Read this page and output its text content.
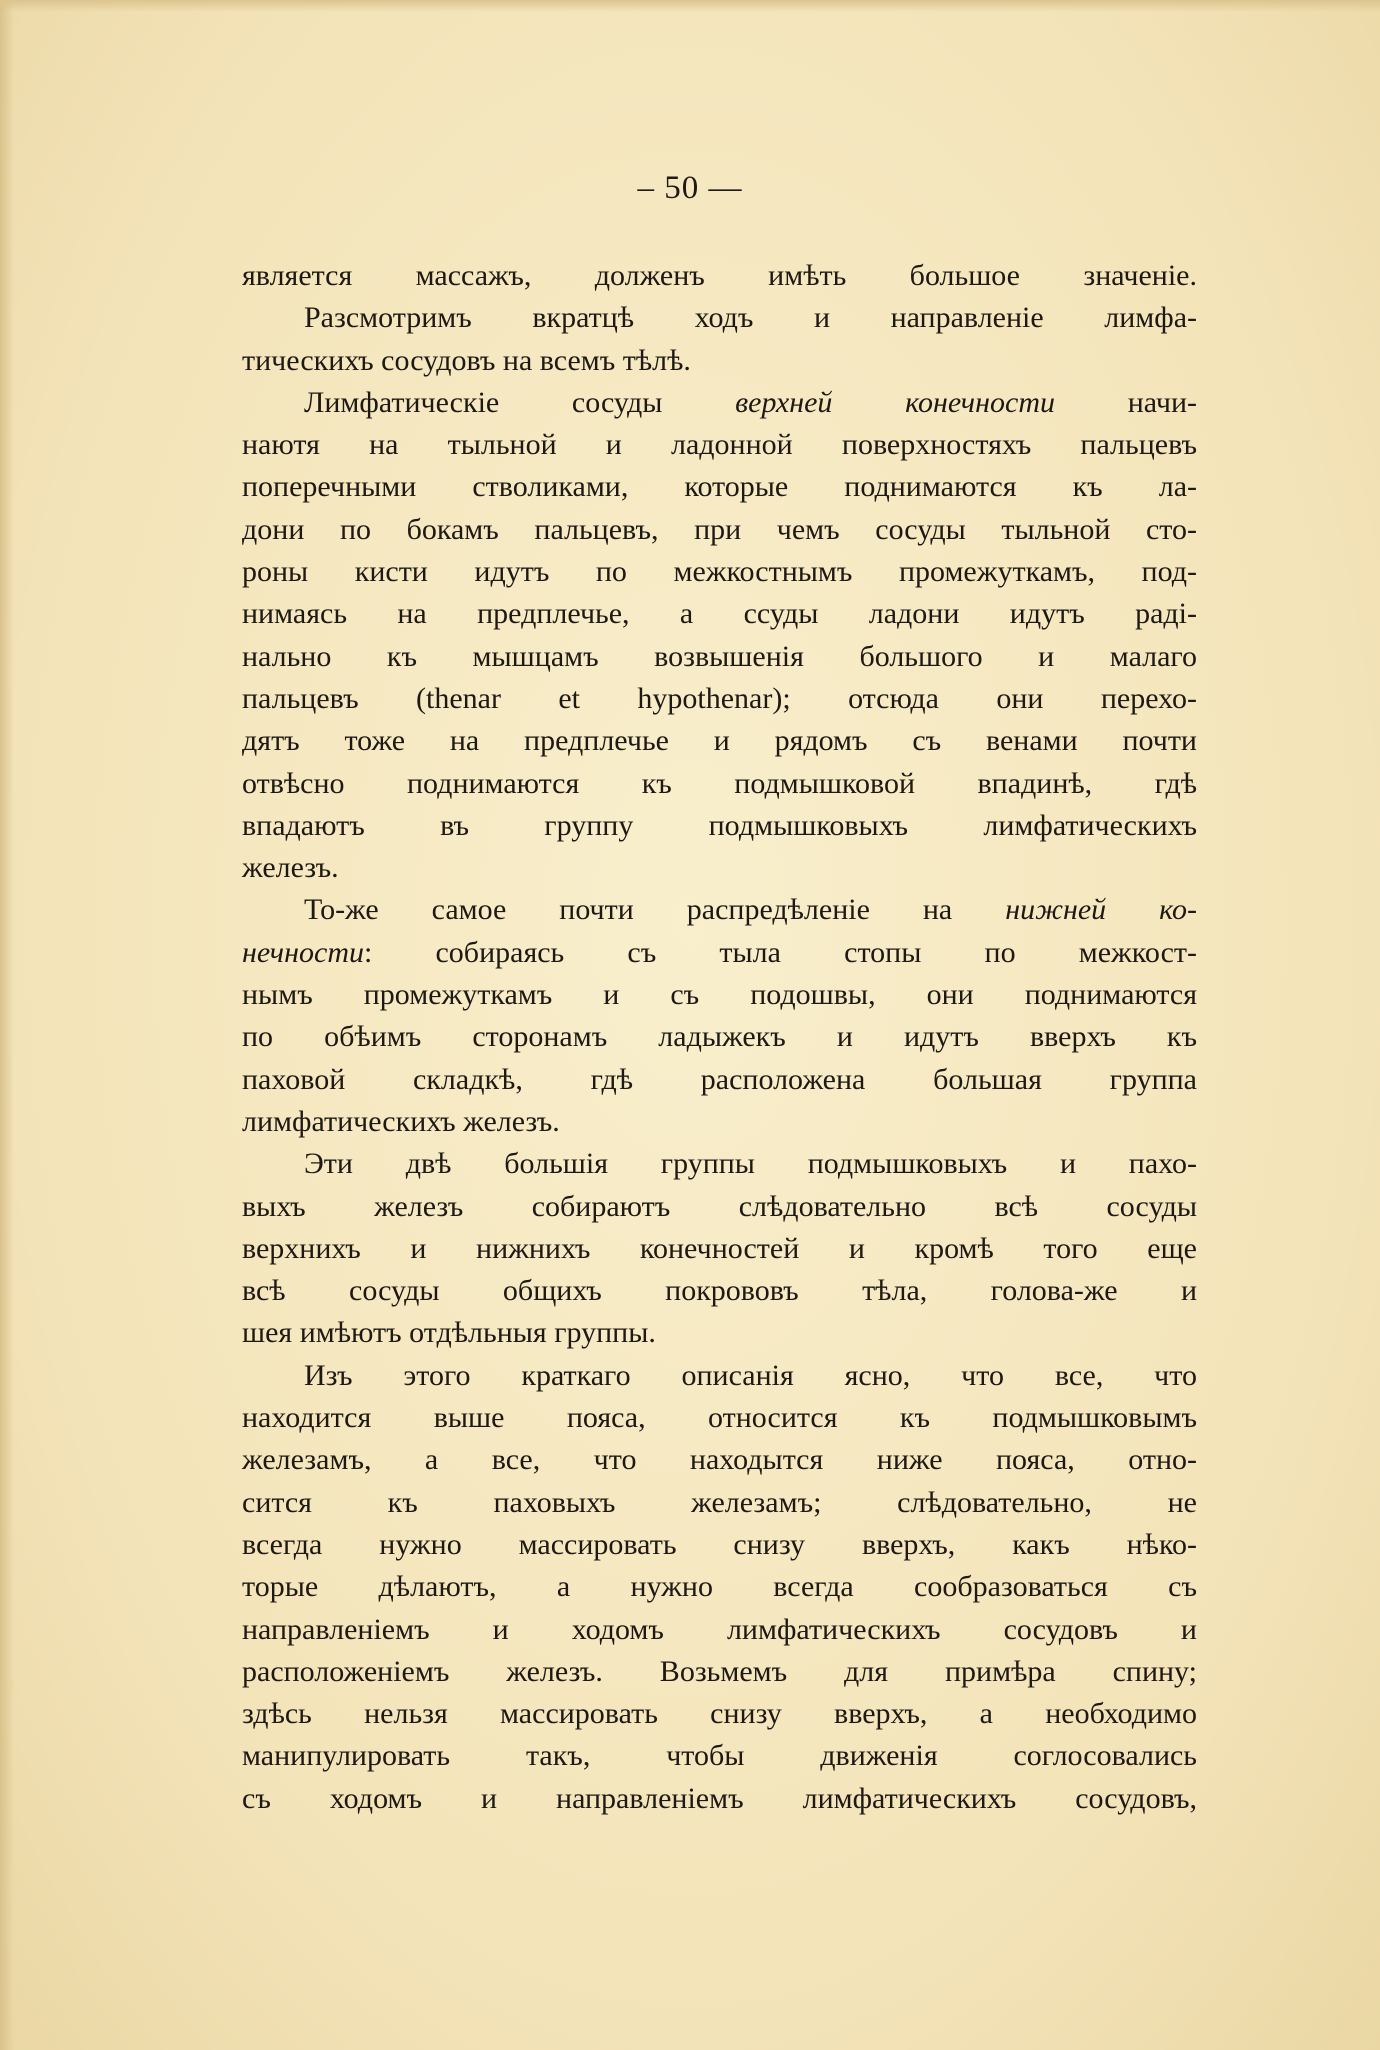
– 50 —

является массажъ, долженъ имѣть большое значеніе.
Разсмотримъ вкратцѣ ходъ и направленіе лимфа-
тическихъ сосудовъ на всемъ тѣлѣ.
Лимфатическіе сосуды верхней конечности начи-
наютя на тыльной и ладонной поверхностяхъ пальцевъ
поперечными стволиками, которые поднимаются къ ла-
дони по бокамъ пальцевъ, при чемъ сосуды тыльной сто-
роны кисти идутъ по межкостнымъ промежуткамъ, под-
нимаясь на предплечье, а ссуды ладони идутъ раді-
нально къ мышцамъ возвышенія большого и малаго
пальцевъ (thenar et hypothenar); отсюда они перехо-
дятъ тоже на предплечье и рядомъ съ венами почти
отвѣсно поднимаются къ подмышковой впадинѣ, гдѣ
впадаютъ въ группу подмышковыхъ лимфатическихъ
железъ.
То-же самое почти распредѣленіе на нижней ко-
нечности: собираясь съ тыла стопы по межкост-
нымъ промежуткамъ и съ подошвы, они поднимаются
по обѣимъ сторонамъ ладыжекъ и идутъ вверхъ къ
паховой складкѣ, гдѣ расположена большая группа
лимфатическихъ железъ.
Эти двѣ большія группы подмышковыхъ и пахо-
выхъ железъ собираютъ слѣдовательно всѣ сосуды
верхнихъ и нижнихъ конечностей и кромѣ того еще
всѣ сосуды общихъ покрововъ тѣла, голова-же и
шея имѣютъ отдѣльныя группы.
Изъ этого краткаго описанія ясно, что все, что
находится выше пояса, относится къ подмышковымъ
железамъ, а все, что находытся ниже пояса, отно-
сится къ паховыхъ железамъ; слѣдовательно, не
всегда нужно массировать снизу вверхъ, какъ нѣко-
торые дѣлаютъ, а нужно всегда сообразоваться съ
направленіемъ и ходомъ лимфатическихъ сосудовъ и
расположеніемъ железъ. Возьмемъ для примѣра спину;
здѣсь нельзя массировать снизу вверхъ, а необходимо
манипулировать такъ, чтобы движенія соглосовались
съ ходомъ и направленіемъ лимфатическихъ сосудовъ,
